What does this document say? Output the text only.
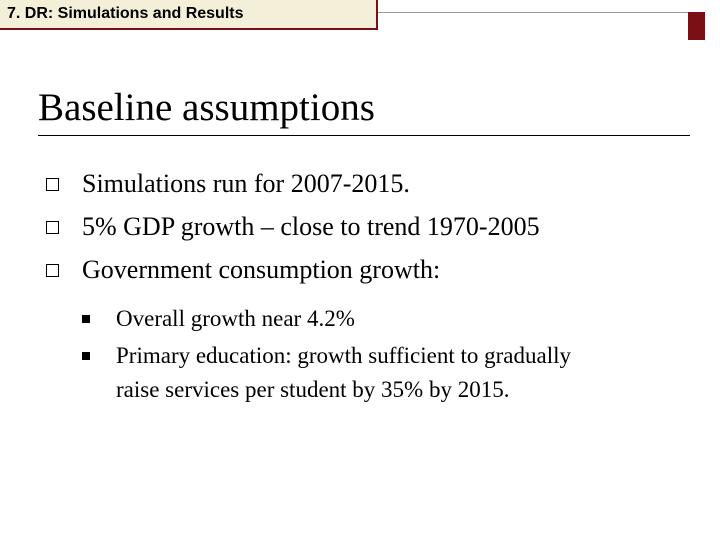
7. DR: Simulations and Results
Baseline assumptions
Simulations run for 2007-2015.
5% GDP growth – close to trend 1970-2005
Government consumption growth:
Overall growth near 4.2%
Primary education: growth sufficient to gradually
raise services per student by 35% by 2015.
